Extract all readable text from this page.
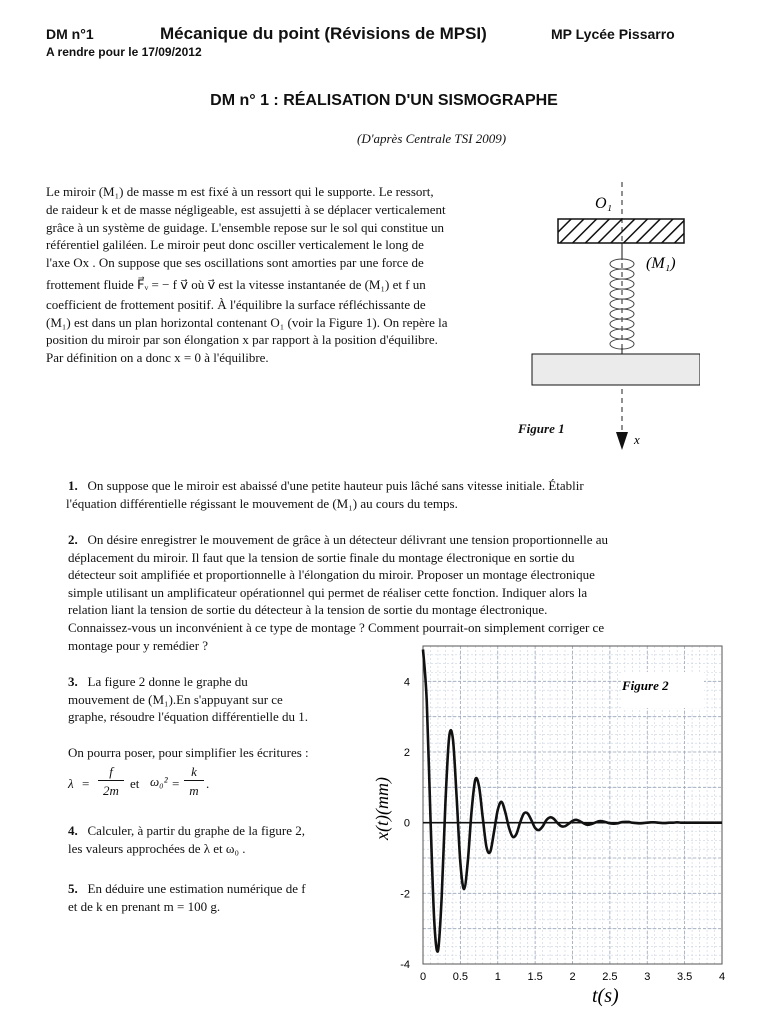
DM n°1	Mécanique du point (Révisions de MPSI)	MP Lycée Pissarro
A rendre pour le 17/09/2012
DM n° 1 : RÉALISATION D'UN SISMOGRAPHE
(D'après Centrale TSI 2009)
Le miroir (M₁) de masse m est fixé à un ressort qui le supporte. Le ressort,
de raideur k et de masse négligeable, est assujetti à se déplacer verticalement
grâce à un système de guidage. L'ensemble repose sur le sol qui constitue un
référentiel galiléen. Le miroir peut donc osciller verticalement le long de
l'axe Ox . On suppose que ses oscillations sont amorties par une force de
frottement fluide F⃗ᵥ = − f v⃗ où v⃗ est la vitesse instantanée de (M₁) et f un
coefficient de frottement positif. À l'équilibre la surface réfléchissante de
(M₁) est dans un plan horizontal contenant O₁ (voir la Figure 1). On repère la
position du miroir par son élongation x par rapport à la position d'équilibre.
Par définition on a donc x = 0 à l'équilibre.
O₁
(M₁)
x
Figure 1
1. On suppose que le miroir est abaissé d'une petite hauteur puis lâché sans vitesse initiale. Établir
l'équation différentielle régissant le mouvement de (M₁) au cours du temps.
2. On désire enregistrer le mouvement de grâce à un détecteur délivrant une tension proportionnelle au
déplacement du miroir. Il faut que la tension de sortie finale du montage électronique en sortie du
détecteur soit amplifiée et proportionnelle à l'élongation du miroir. Proposer un montage électronique
simple utilisant un amplificateur opérationnel qui permet de réaliser cette fonction. Indiquer alors la
relation liant la tension de sortie du détecteur à la tension de sortie du montage électronique.
Connaissez-vous un inconvénient à ce type de montage ? Comment pourrait-on simplement corriger ce
montage pour y remédier ?
3. La figure 2 donne le graphe du
mouvement de (M₁).En s'appuyant sur ce
graphe, résoudre l'équation différentielle du 1.
On pourra poser, pour simplifier les écritures :
λ =
f
2m et ω₀² =
k
m .
4. Calculer, à partir du graphe de la figure 2,
les valeurs approchées de λ et ω₀ .
5. En déduire une estimation numérique de f
et de k en prenant m = 100 g.
4
2
0
-2
-4
0 0.5 1 1.5 2 2.5 3 3.5 4
Figure 2
x(t)(mm)
t(s)
